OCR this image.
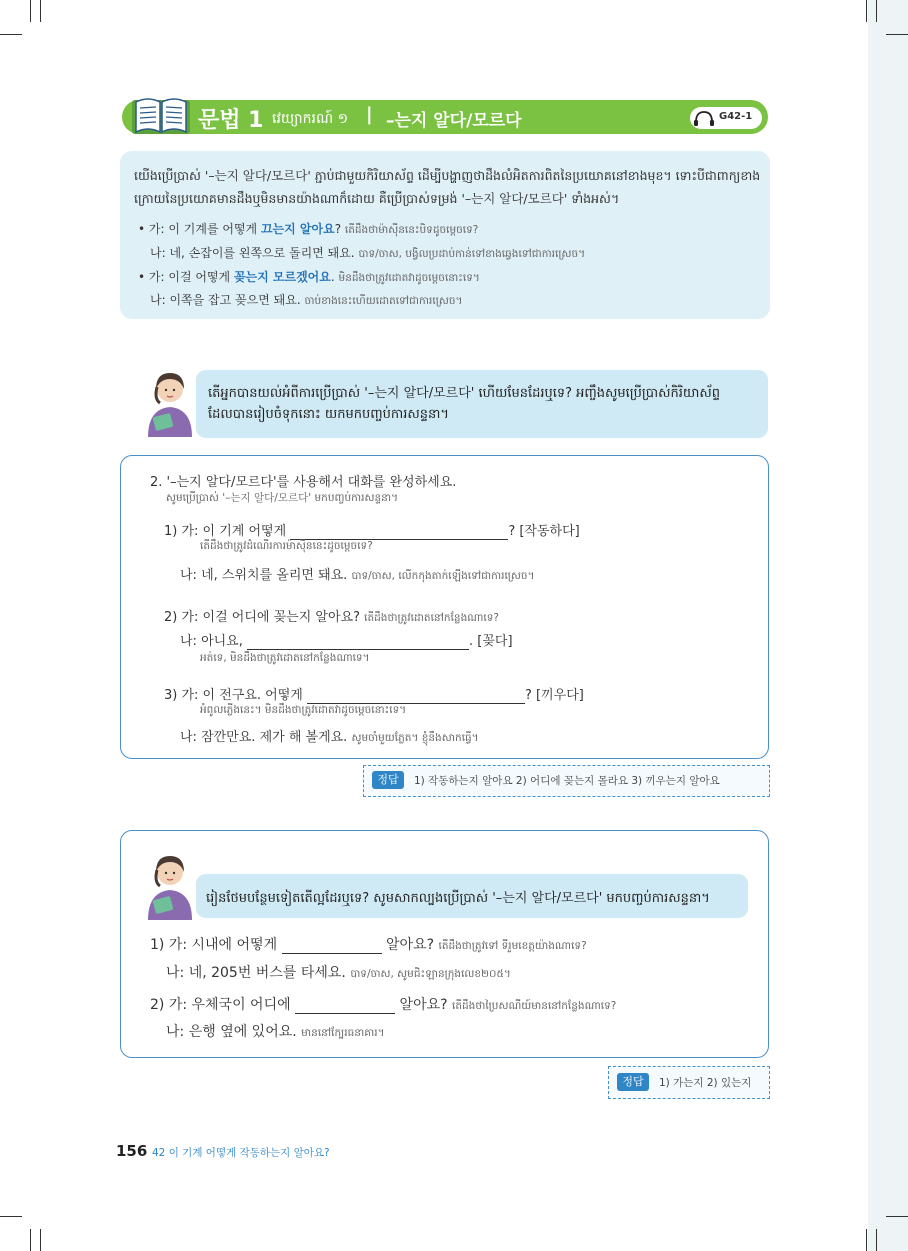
문법 1 វេយ្យាករណ៍ ១ | –는지 알다/모르다	G42-1
យើងប្រើប្រាស់ '–는지 알다/모르다' ភ្ជាប់ជាមួយកិរិយាស័ព្ទ ដើម្បីបង្ហាញថាដឹងលំអិតការពិតនៃប្រយោគនៅខាងមុខ។ ទោះបីជាពាក្យខាង
ក្រោយនៃប្រយោគមានដឹងឬមិនមានយ៉ាងណាក៏ដោយ គឺប្រើប្រាស់ទម្រង់ '–는지 알다/모르다' ទាំងអស់។
• 가: 이 기계를 어떻게 끄는지 알아요? តើដឹងថាម៉ាស៊ីននេះបិទដូចម្ដេចទេ?
나: 네, 손잡이를 왼쪽으로 돌리면 돼요. បាទ/ចាស, បង្វិលប្រដាប់កាន់ទៅខាងឆ្វេងទៅជាការស្រេច។
• 가: 이걸 어떻게 꽂는지 모르겠어요. មិនដឹងថាត្រូវដោតវាដូចម្ដេចនោះទេ។
나: 이쪽을 잡고 꽂으면 돼요. ចាប់ខាងនេះហើយដោតទៅជាការស្រេច។
តើអ្នកបានយល់អំពីការប្រើប្រាស់ '–는지 알다/모르다' ហើយមែនដែរឬទេ? អញ្ចឹងសូមប្រើប្រាស់កិរិយាស័ព្ទ
ដែលបានរៀបចំទុកនោះ យកមកបញ្ចប់ការសន្ទនា។
2. '–는지 알다/모르다'를 사용해서 대화를 완성하세요.
សូមប្រើប្រាស់ '–는지 알다/모르다' មកបញ្ចប់ការសន្ទនា។
1) 가: 이 기계 어떻게	? [작동하다]
តើដឹងថាត្រូវដំណើរការម៉ាស៊ីននេះដូចម្ដេចទេ?
나: 네, 스위치를 올리면 돼요. បាទ/ចាស, លើកកុងតាក់ឡើងទៅជាការស្រេច។
2) 가: 이걸 어디에 꽂는지 알아요? តើដឹងថាត្រូវដោតនៅកន្លែងណាទេ?
나: 아니요,	. [꽂다]
អត់ទេ, មិនដឹងថាត្រូវដោតនៅកន្លែងណាទេ។
3) 가: 이 전구요. 어떻게	? [끼우다]
អំពូលភ្លើងនេះ។ មិនដឹងថាត្រូវដោតវាដូចម្ដេចនោះទេ។
나: 잠깐만요. 제가 해 볼게요. សូមចាំមួយភ្លែត។ ខ្ញុំនឹងសាកធ្វើ។
정답	1) 작동하는지 알아요 2) 어디에 꽂는지 몰라요 3) 끼우는지 알아요
រៀនថែមបន្ថែមទៀតតើល្អដែរឬទេ? សូមសាកល្បងប្រើប្រាស់ '–는지 알다/모르다' មកបញ្ចប់ការសន្ទនា។
1) 가: 시내에 어떻게	알아요? តើដឹងថាត្រូវទៅ ទីរួមខេត្តយ៉ាងណាទេ?
나: 네, 205번 버스를 타세요. បាទ/ចាស, សូមជិះឡានក្រុងលេខ២០៥។
2) 가: 우체국이 어디에	알아요? តើដឹងថាប្រៃសណីយ៍មាននៅកន្លែងណាទេ?
나: 은행 옆에 있어요. មាននៅក្បែរធនាគារ។
정답	1) 가는지 2) 있는지
156 42 이 기계 어떻게 작동하는지 알아요?
